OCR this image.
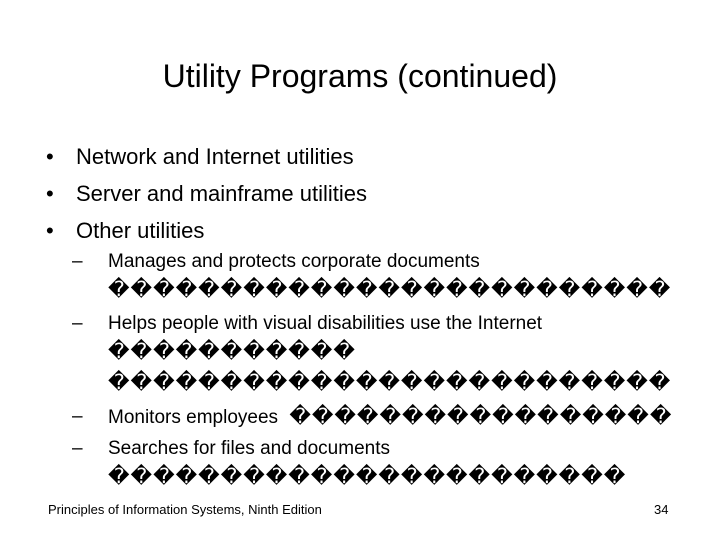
Utility Programs (continued)
• Network and Internet utilities
• Server and mainframe utilities
• Other utilities
– Manages and protects corporate documents
�������������������������
– Helps people with visual disabilities use the Internet
�����������
�������������������������
– Monitors employees �����������������
– Searches for files and documents
�����������������������
Principles of Information Systems, Ninth Edition	34
